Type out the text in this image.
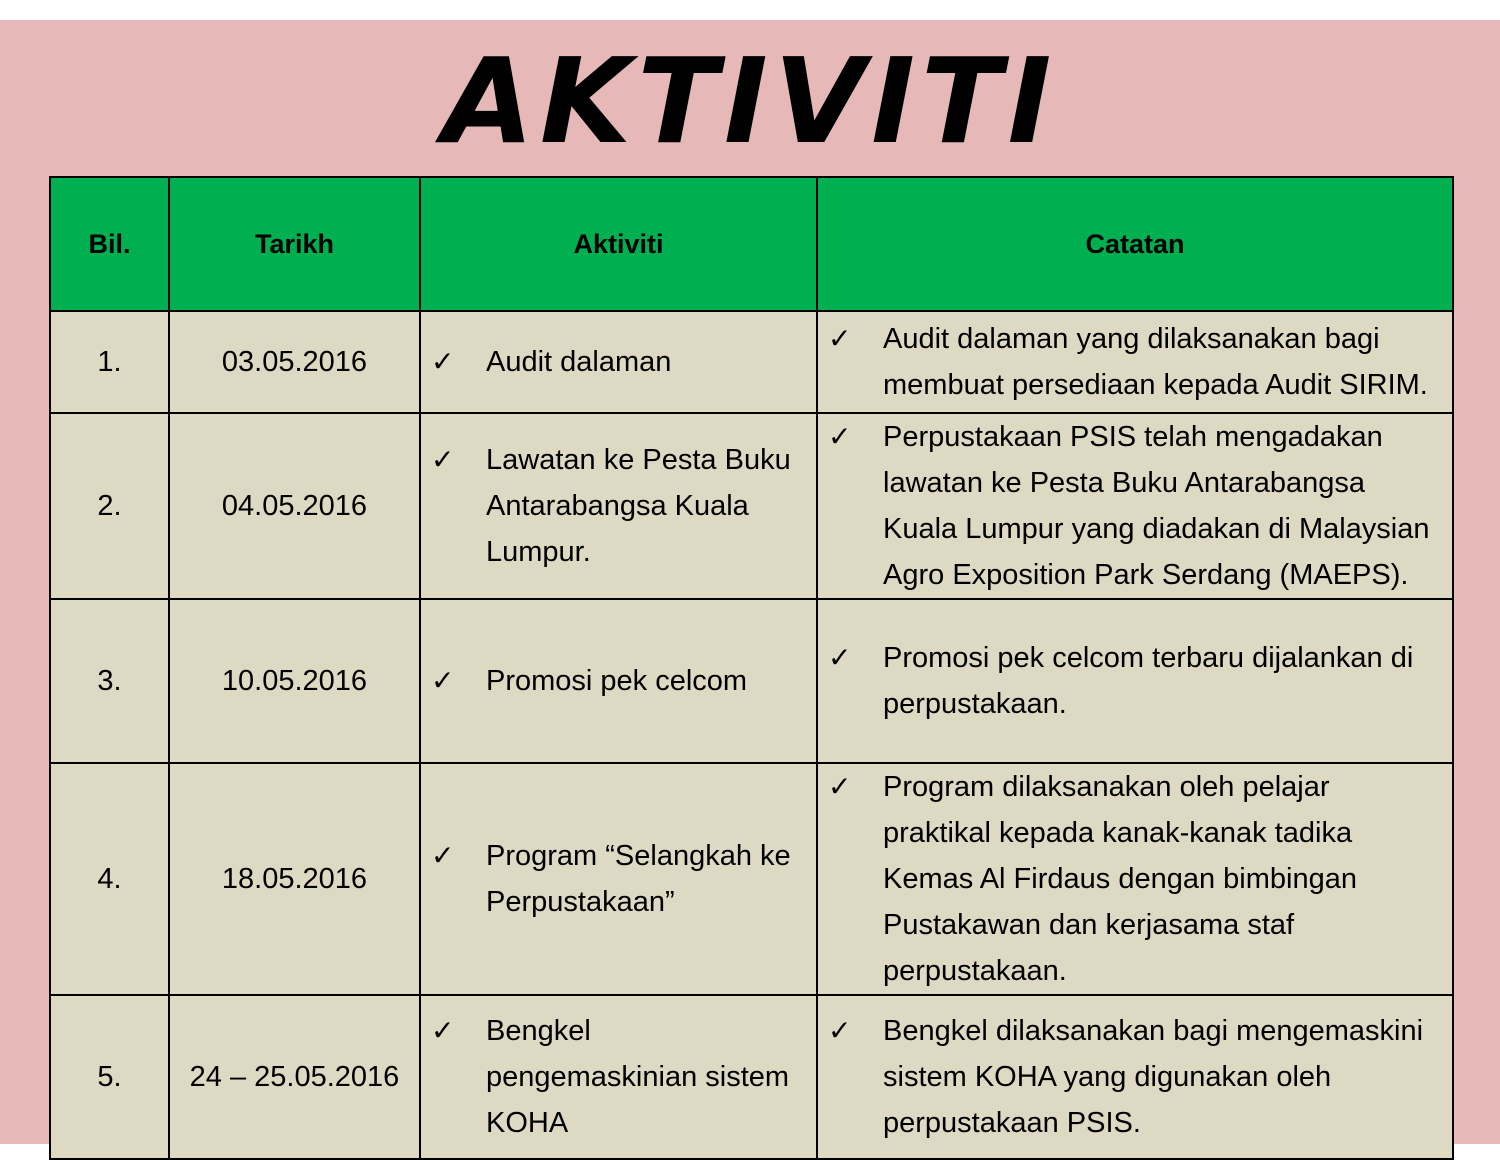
AKTIVITI
Bil.	Tarikh	Aktiviti	Catatan
1.	03.05.2016	✓ Audit dalaman	✓ Audit dalaman yang dilaksanakan bagi membuat persediaan kepada Audit SIRIM.

2.	04.05.2016	✓ Lawatan ke Pesta Buku Antarabangsa Kuala Lumpur.	✓ Perpustakaan PSIS telah mengadakan lawatan ke Pesta Buku Antarabangsa Kuala Lumpur yang diadakan di Malaysian Agro Exposition Park Serdang (MAEPS).

3.	10.05.2016	✓ Promosi pek celcom	✓ Promosi pek celcom terbaru dijalankan di perpustakaan.

4.	18.05.2016	✓ Program “Selangkah ke Perpustakaan”	✓ Program dilaksanakan oleh pelajar praktikal kepada kanak-kanak tadika Kemas Al Firdaus dengan bimbingan Pustakawan dan kerjasama staf perpustakaan.

5.	24 – 25.05.2016	✓ Bengkel pengemaskinian sistem KOHA	✓ Bengkel dilaksanakan bagi mengemaskini sistem KOHA yang digunakan oleh perpustakaan PSIS.
